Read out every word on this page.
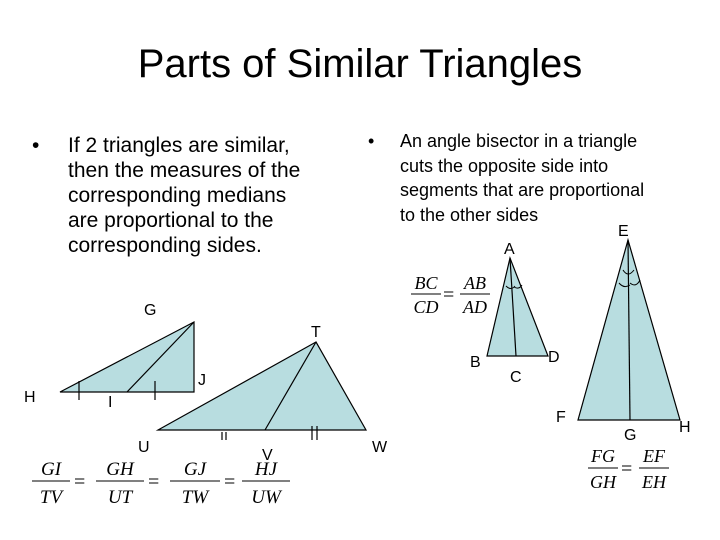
Parts of Similar Triangles
• If 2 triangles are similar,

then the measures of the

corresponding medians

are proportional to the

corresponding sides.

• An angle bisector in a triangle

cuts the opposite side into

segments that are proportional

to the other sides

G
H	I
J
T
U	V	W
GI
TV
=
GH
UT
=
GJ
TW
=
HJ
UW
A
B
C
D
BC
CD
=
AB
AD
E
F
G	H
FG
GH
=
EF
EH
